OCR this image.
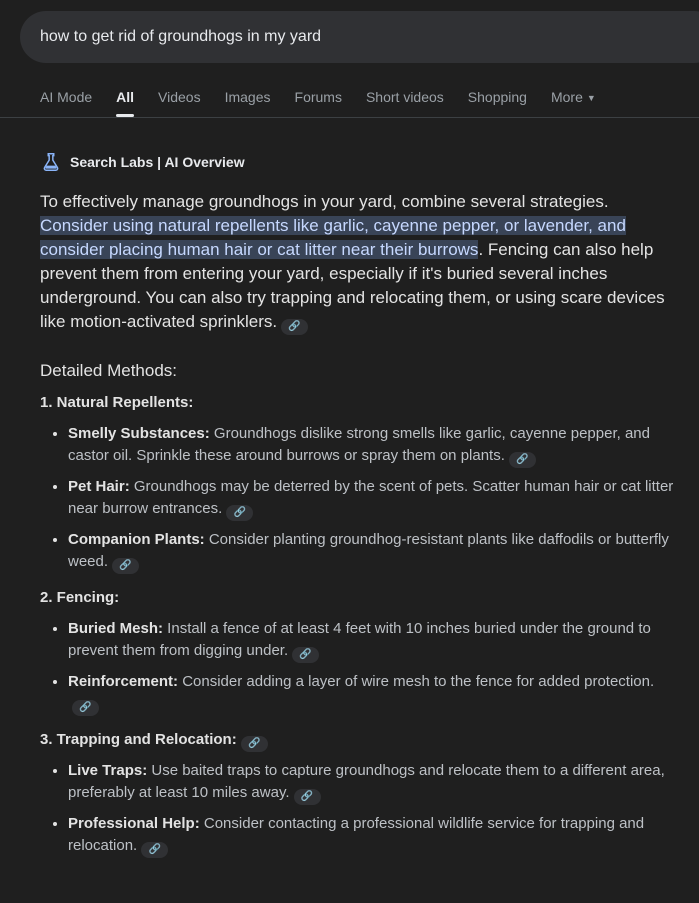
how to get rid of groundhogs in my yard
AI Mode All Videos Images Forums Short videos Shopping More ▼
Search Labs | AI Overview

To effectively manage groundhogs in your yard, combine several strategies. Consider using natural repellents like garlic, cayenne pepper, or lavender, and consider placing human hair or cat litter near their burrows. Fencing can also help prevent them from entering your yard, especially if it's buried several inches underground. You can also try trapping and relocating them, or using scare devices like motion-activated sprinklers. 🔗

Detailed Methods:
1. Natural Repellents:
• Smelly Substances: Groundhogs dislike strong smells like garlic, cayenne pepper, and castor oil. Sprinkle these around burrows or spray them on plants. 🔗
• Pet Hair: Groundhogs may be deterred by the scent of pets. Scatter human hair or cat litter near burrow entrances. 🔗
• Companion Plants: Consider planting groundhog-resistant plants like daffodils or butterfly weed. 🔗
2. Fencing:
• Buried Mesh: Install a fence of at least 4 feet with 10 inches buried under the ground to prevent them from digging under. 🔗
• Reinforcement: Consider adding a layer of wire mesh to the fence for added protection.
🔗
3. Trapping and Relocation: 🔗
• Live Traps: Use baited traps to capture groundhogs and relocate them to a different area, preferably at least 10 miles away. 🔗
• Professional Help: Consider contacting a professional wildlife service for trapping and relocation. 🔗
